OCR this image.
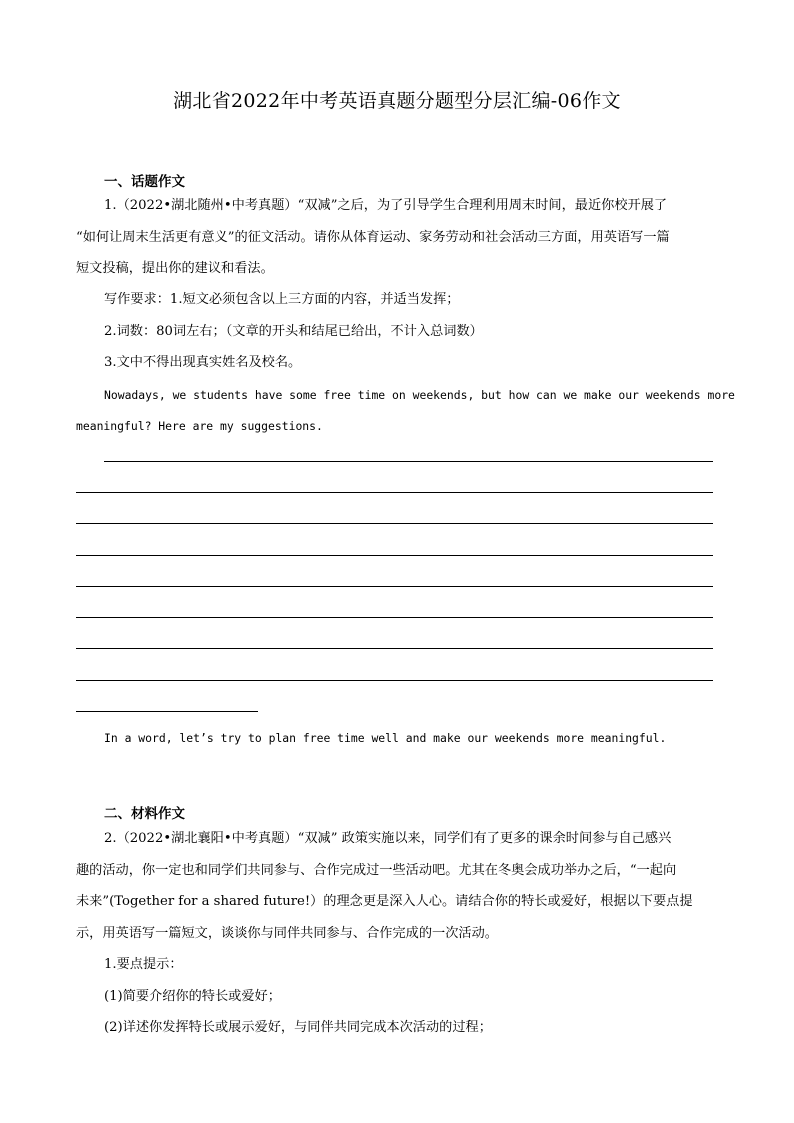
湖北省2022年中考英语真题分题型分层汇编-06作文
一、话题作文
1.（2022•湖北随州•中考真题）“双减”之后，为了引导学生合理利用周末时间，最近你校开展了
“如何让周末生活更有意义”的征文活动。请你从体育运动、家务劳动和社会活动三方面，用英语写一篇
短文投稿，提出你的建议和看法。
写作要求：1.短文必须包含以上三方面的内容，并适当发挥；
2.词数：80词左右；（文章的开头和结尾已给出，不计入总词数）
3.文中不得出现真实姓名及校名。
Nowadays, we students have some free time on weekends, but how can we make our weekends more
meaningful? Here are my suggestions.
In a word, let’s try to plan free time well and make our weekends more meaningful.
二、材料作文
2.（2022•湖北襄阳•中考真题）“双减” 政策实施以来，同学们有了更多的课余时间参与自己感兴
趣的活动，你一定也和同学们共同参与、合作完成过一些活动吧。尤其在冬奥会成功举办之后，“一起向
未来”(Together for a shared future!）的理念更是深入人心。请结合你的特长或爱好，根据以下要点提
示，用英语写一篇短文，谈谈你与同伴共同参与、合作完成的一次活动。
1.要点提示：
(1)简要介绍你的特长或爱好；
(2)详述你发挥特长或展示爱好，与同伴共同完成本次活动的过程；
